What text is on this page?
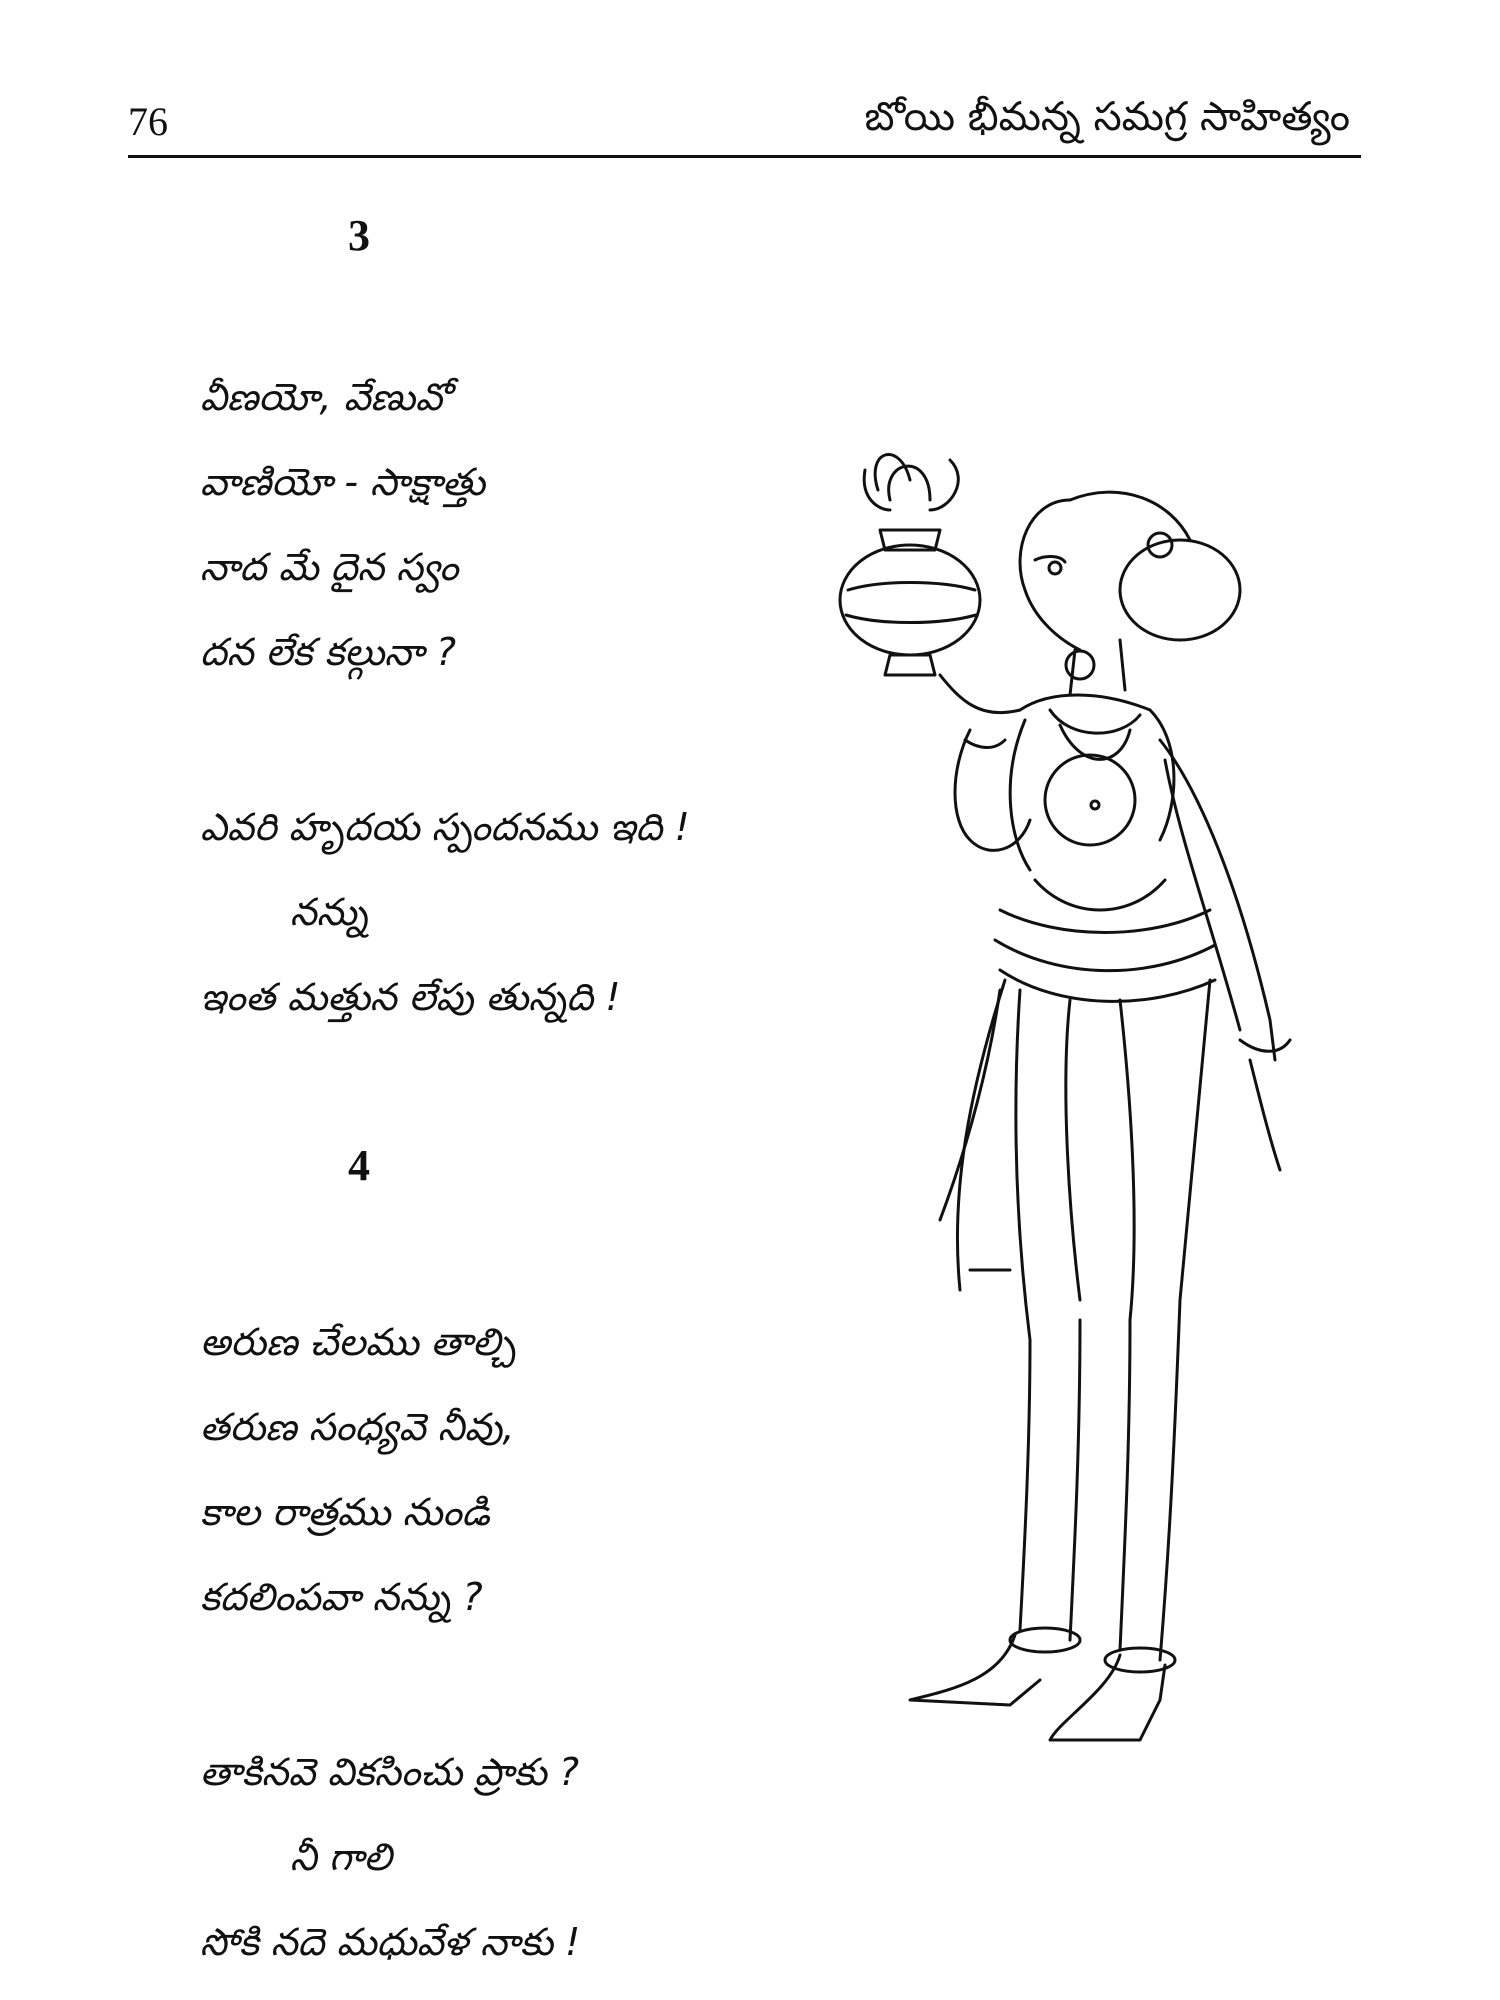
76	బోయి భీమన్న సమగ్ర సాహిత్యం
3
వీణయో, వేణువో
వాణియో - సాక్షాత్తు
నాద మే దైన స్వం
దన లేక కల్గునా ?
ఎవరి హృదయ స్పందనము ఇది !
నన్ను
ఇంత మత్తున లేపు తున్నది !
4
అరుణ చేలము తాల్చి
తరుణ సంధ్యవె నీవు,
కాల రాత్రము నుండి
కదలింపవా నన్ను ?
తాకినవె వికసించు ప్రాకు ?
నీ గాలి
సోకి నదె మధువేళ నాకు !
